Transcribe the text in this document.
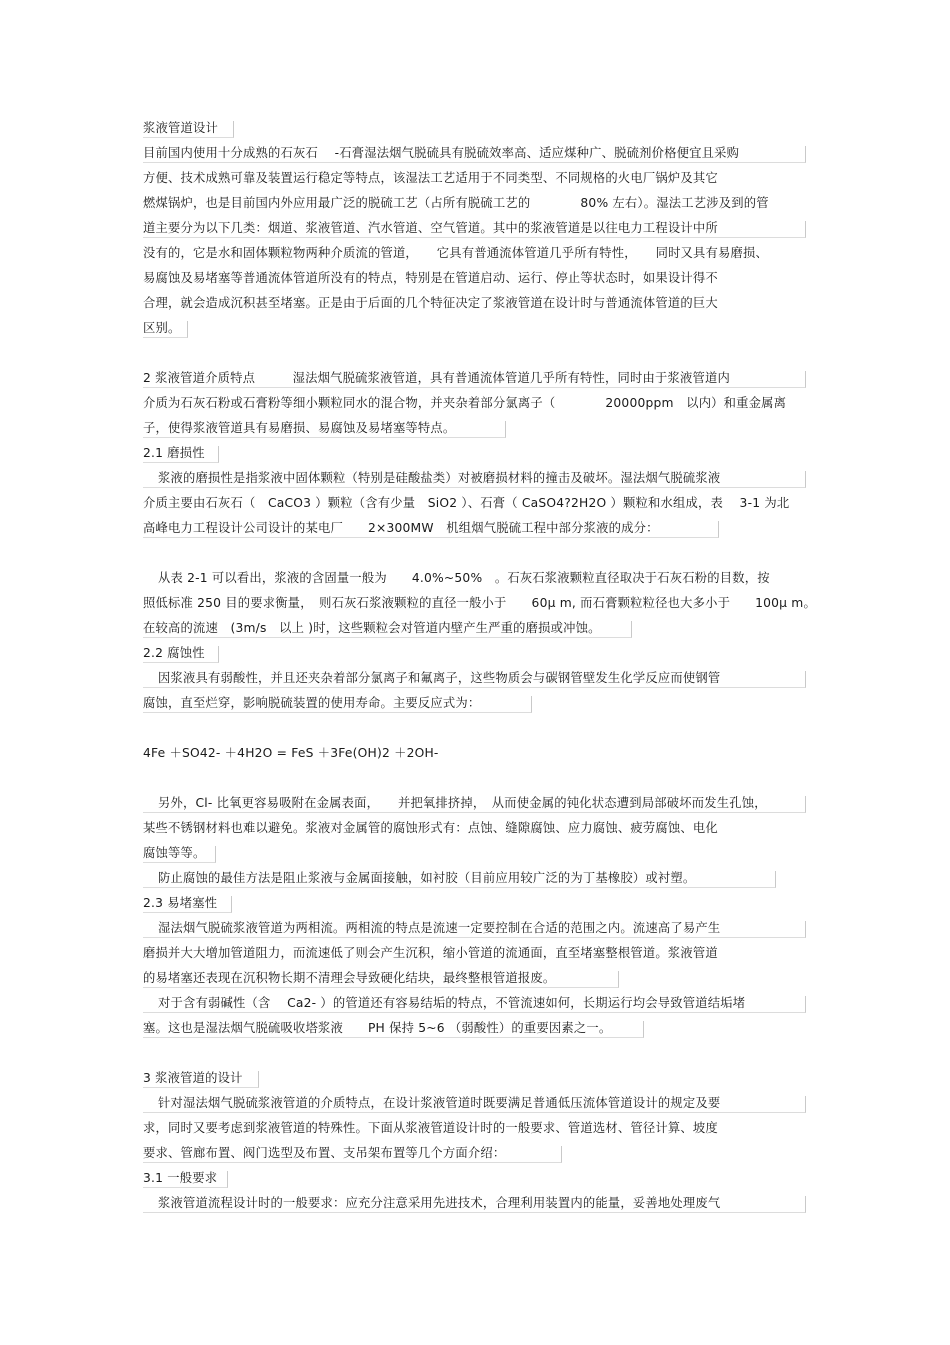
浆液管道设计

目前国内使用十分成熟的石灰石　 -石膏湿法烟气脱硫具有脱硫效率高、适应煤种广、脱硫剂价格便宜且采购

方便、技术成熟可靠及装置运行稳定等特点，该湿法工艺适用于不同类型、不同规格的火电厂锅炉及其它

燃煤锅炉，也是目前国内外应用最广泛的脱硫工艺（占所有脱硫工艺的　　　　80% 左右）。湿法工艺涉及到的管

道主要分为以下几类：烟道、浆液管道、汽水管道、空气管道。其中的浆液管道是以往电力工程设计中所

没有的，它是水和固体颗粒物两种介质流的管道，　　它具有普通流体管道几乎所有特性，　　同时又具有易磨损、

易腐蚀及易堵塞等普通流体管道所没有的特点，特别是在管道启动、运行、停止等状态时，如果设计得不

合理，就会造成沉积甚至堵塞。正是由于后面的几个特征决定了浆液管道在设计时与普通流体管道的巨大

区别。

2 浆液管道介质特点　　　湿法烟气脱硫浆液管道，具有普通流体管道几乎所有特性，同时由于浆液管道内

介质为石灰石粉或石膏粉等细小颗粒同水的混合物，并夹杂着部分氯离子（　　　　20000ppm　以内）和重金属离

子，使得浆液管道具有易磨损、易腐蚀及易堵塞等特点。

2.1 磨损性

浆液的磨损性是指浆液中固体颗粒（特别是硅酸盐类）对被磨损材料的撞击及破坏。湿法烟气脱硫浆液

介质主要由石灰石（　CaCO3 ）颗粒（含有少量　SiO2 ）、石膏（ CaSO4?2H2O ）颗粒和水组成，表　 3-1 为北

高峰电力工程设计公司设计的某电厂　　2×300MW　机组烟气脱硫工程中部分浆液的成分：

从表 2-1 可以看出，浆液的含固量一般为　　4.0%~50%　。石灰石浆液颗粒直径取决于石灰石粉的目数，按

照低标准 250 目的要求衡量，　则石灰石浆液颗粒的直径一般小于　　60μ m, 而石膏颗粒粒径也大多小于　　100μ m。

在较高的流速　(3m/s　以上 )时，这些颗粒会对管道内壁产生严重的磨损或冲蚀。

2.2 腐蚀性

因浆液具有弱酸性，并且还夹杂着部分氯离子和氟离子，这些物质会与碳钢管壁发生化学反应而使钢管

腐蚀，直至烂穿，影响脱硫装置的使用寿命。主要反应式为：

4Fe ＋SO42- ＋4H2O = FeS ＋3Fe(OH)2 ＋2OH-

另外，Cl- 比氧更容易吸附在金属表面，　　并把氧排挤掉，　从而使金属的钝化状态遭到局部破坏而发生孔蚀，

某些不锈钢材料也难以避免。浆液对金属管的腐蚀形式有：点蚀、缝隙腐蚀、应力腐蚀、疲劳腐蚀、电化

腐蚀等等。

防止腐蚀的最佳方法是阻止浆液与金属面接触，如衬胶（目前应用较广泛的为丁基橡胶）或衬塑。

2.3 易堵塞性

湿法烟气脱硫浆液管道为两相流。两相流的特点是流速一定要控制在合适的范围之内。流速高了易产生

磨损并大大增加管道阻力，而流速低了则会产生沉积，缩小管道的流通面，直至堵塞整根管道。浆液管道

的易堵塞还表现在沉积物长期不清理会导致硬化结块，最终整根管道报废。

对于含有弱碱性（含　 Ca2- ）的管道还有容易结垢的特点，不管流速如何，长期运行均会导致管道结垢堵

塞。这也是湿法烟气脱硫吸收塔浆液　　PH 保持 5~6 （弱酸性）的重要因素之一。

3 浆液管道的设计

针对湿法烟气脱硫浆液管道的介质特点，在设计浆液管道时既要满足普通低压流体管道设计的规定及要

求，同时又要考虑到浆液管道的特殊性。下面从浆液管道设计时的一般要求、管道选材、管径计算、坡度

要求、管廊布置、阀门选型及布置、支吊架布置等几个方面介绍：

3.1 一般要求

浆液管道流程设计时的一般要求：应充分注意采用先进技术，合理利用装置内的能量，妥善地处理废气
